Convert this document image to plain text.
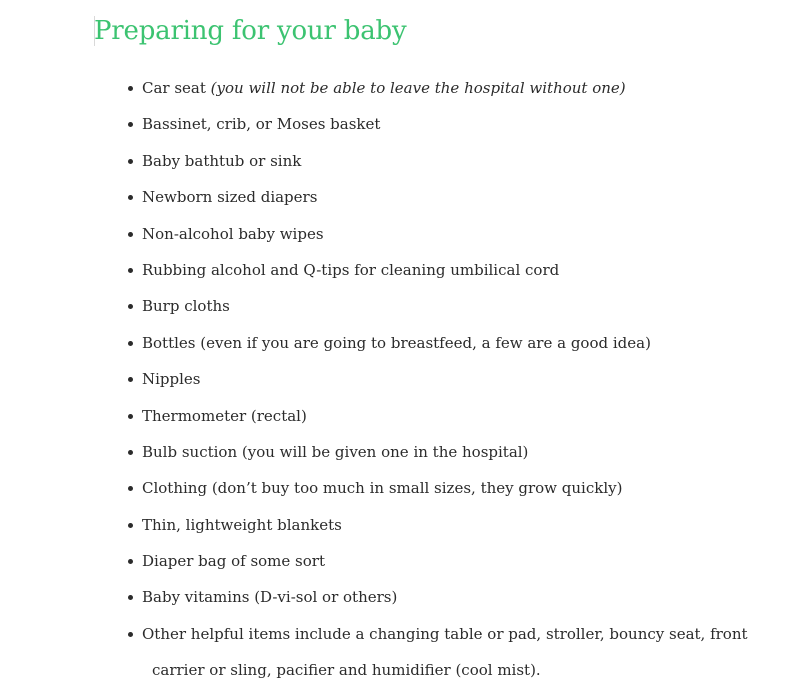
Preparing for your baby
Car seat (you will not be able to leave the hospital without one)
Bassinet, crib, or Moses basket
Baby bathtub or sink
Newborn sized diapers
Non-alcohol baby wipes
Rubbing alcohol and Q-tips for cleaning umbilical cord
Burp cloths
Bottles (even if you are going to breastfeed, a few are a good idea)
Nipples
Thermometer (rectal)
Bulb suction (you will be given one in the hospital)
Clothing (don’t buy too much in small sizes, they grow quickly)
Thin, lightweight blankets
Diaper bag of some sort
Baby vitamins (D-vi-sol or others)
Other helpful items include a changing table or pad, stroller, bouncy seat, front
carrier or sling, pacifier and humidifier (cool mist).
